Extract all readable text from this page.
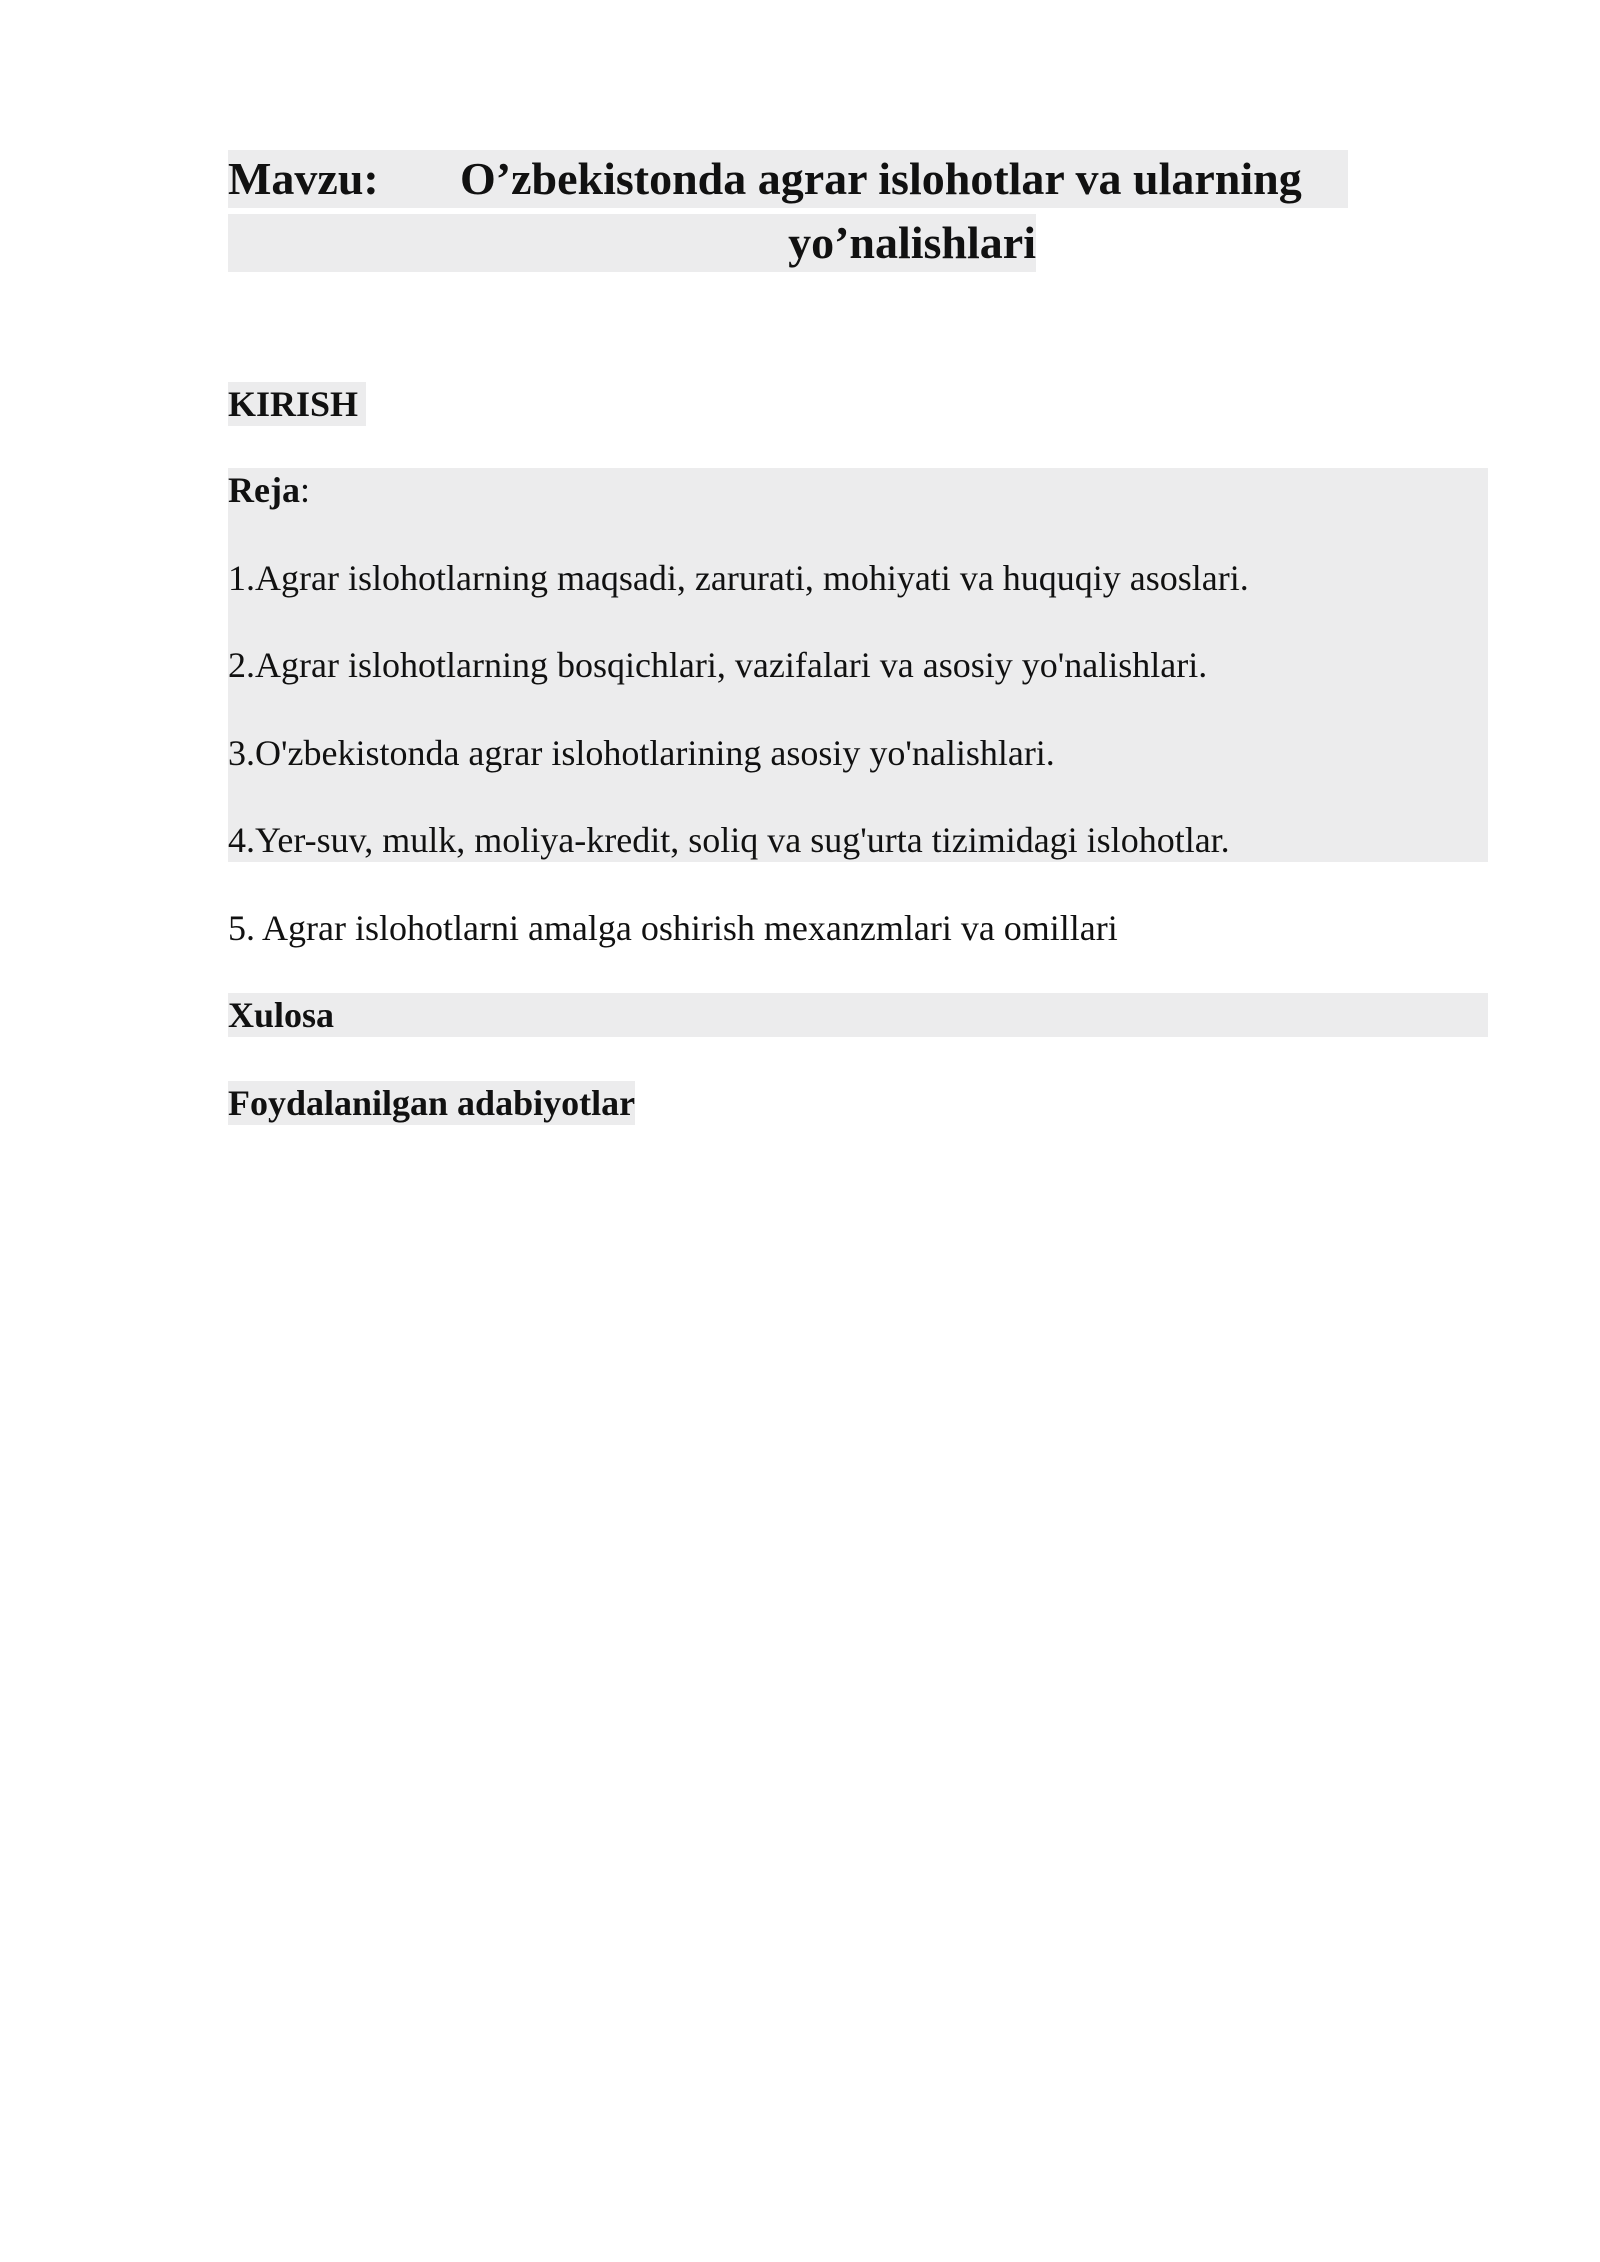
Mavzu: O’zbekistonda agrar islohotlar va ularning
yo’nalishlari
KIRISH
Reja:
1.Agrar islohotlarning maqsadi, zarurati, mohiyati va huquqiy asoslari.
2.Agrar islohotlarning bosqichlari, vazifalari va asosiy yo'nalishlari.
3.O'zbekistonda agrar islohotlarining asosiy yo'nalishlari.
4.Yer-suv, mulk, moliya-kredit, soliq va sug'urta tizimidagi islohotlar.
5. Agrar islohotlarni amalga oshirish mexanzmlari va omillari
Xulosa
Foydalanilgan adabiyotlar
